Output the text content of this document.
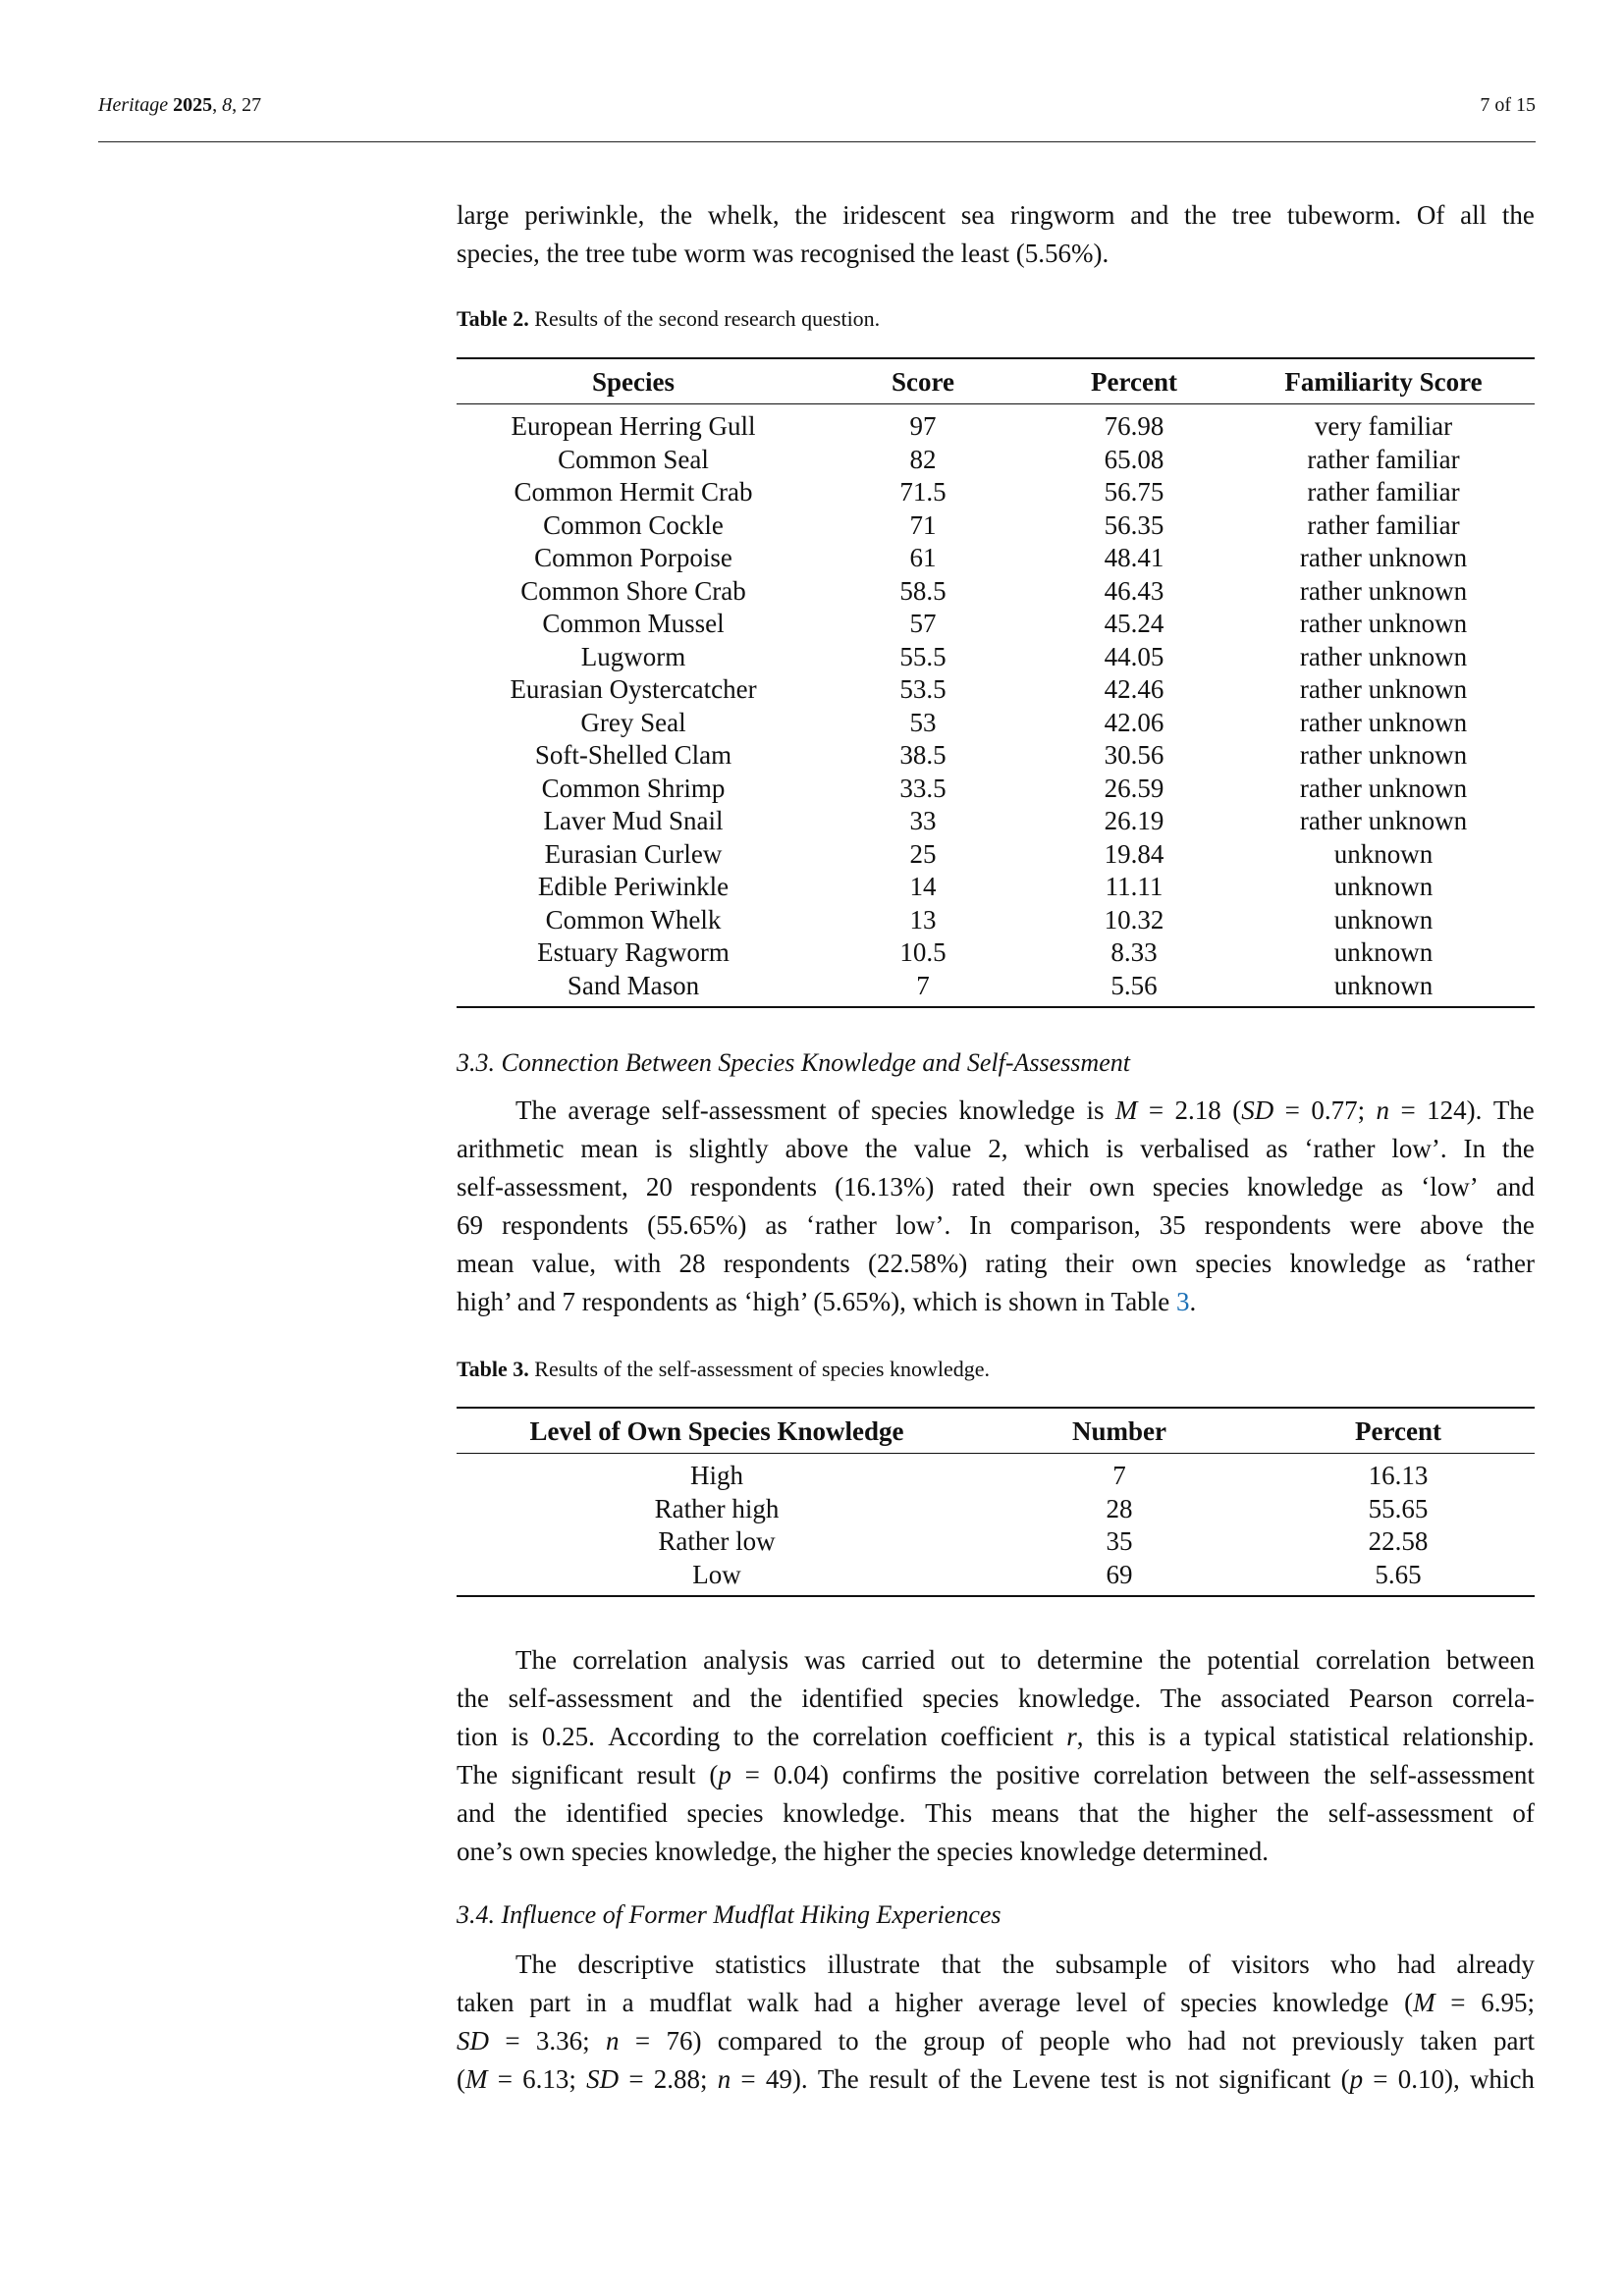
Heritage 2025, 8, 27	7 of 15
large periwinkle, the whelk, the iridescent sea ringworm and the tree tubeworm. Of all the
species, the tree tube worm was recognised the least (5.56%).
Table 2. Results of the second research question.
Species	Score	Percent	Familiarity Score
European Herring Gull	97	76.98	very familiar
Common Seal	82	65.08	rather familiar
Common Hermit Crab	71.5	56.75	rather familiar
Common Cockle	71	56.35	rather familiar
Common Porpoise	61	48.41	rather unknown
Common Shore Crab	58.5	46.43	rather unknown
Common Mussel	57	45.24	rather unknown
Lugworm	55.5	44.05	rather unknown
Eurasian Oystercatcher	53.5	42.46	rather unknown
Grey Seal	53	42.06	rather unknown
Soft-Shelled Clam	38.5	30.56	rather unknown
Common Shrimp	33.5	26.59	rather unknown
Laver Mud Snail	33	26.19	rather unknown
Eurasian Curlew	25	19.84	unknown
Edible Periwinkle	14	11.11	unknown
Common Whelk	13	10.32	unknown
Estuary Ragworm	10.5	8.33	unknown
Sand Mason	7	5.56	unknown
3.3. Connection Between Species Knowledge and Self-Assessment
The average self-assessment of species knowledge is M = 2.18 (SD = 0.77; n = 124). The
arithmetic mean is slightly above the value 2, which is verbalised as ‘rather low’. In the
self-assessment, 20 respondents (16.13%) rated their own species knowledge as ‘low’ and
69 respondents (55.65%) as ‘rather low’. In comparison, 35 respondents were above the
mean value, with 28 respondents (22.58%) rating their own species knowledge as ‘rather
high’ and 7 respondents as ‘high’ (5.65%), which is shown in Table 3 .
Table 3. Results of the self-assessment of species knowledge.
Level of Own Species Knowledge	Number	Percent
High	7	16.13
Rather high	28	55.65
Rather low	35	22.58
Low	69	5.65
The correlation analysis was carried out to determine the potential correlation between
the self-assessment and the identified species knowledge. The associated Pearson correla-
tion is 0.25. According to the correlation coefficient r, this is a typical statistical relationship.
The significant result (p = 0.04) confirms the positive correlation between the self-assessment
and the identified species knowledge. This means that the higher the self-assessment of
one’s own species knowledge, the higher the species knowledge determined.
3.4. Influence of Former Mudflat Hiking Experiences
The descriptive statistics illustrate that the subsample of visitors who had already
taken part in a mudflat walk had a higher average level of species knowledge (M = 6.95;
SD = 3.36; n = 76) compared to the group of people who had not previously taken part
(M = 6.13; SD = 2.88; n = 49). The result of the Levene test is not significant (p = 0.10), which
